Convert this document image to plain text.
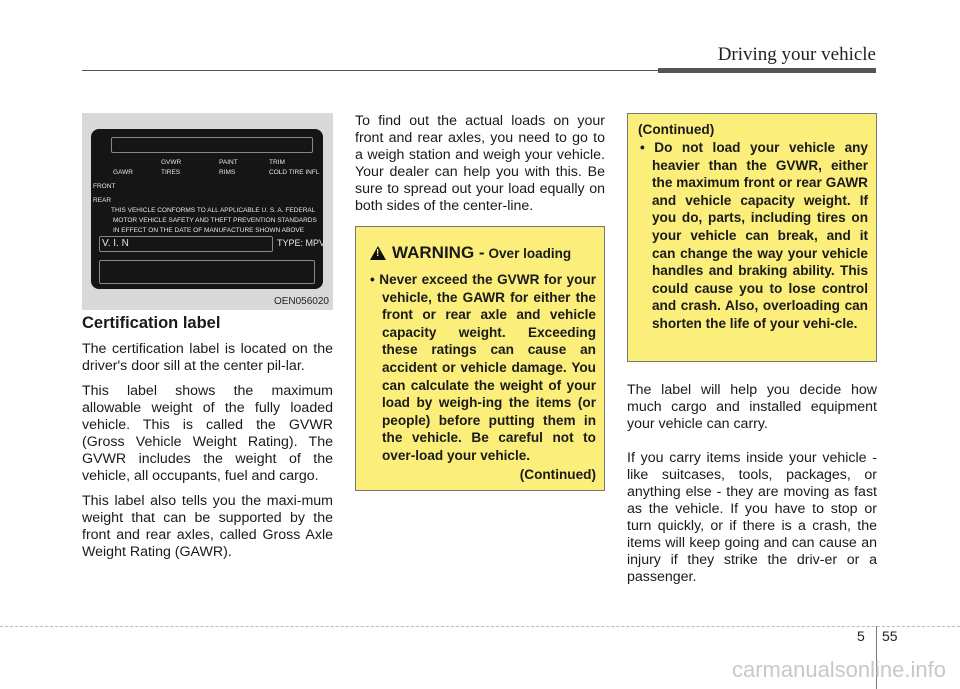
Driving your vehicle
GVWR	PAINT	TRIM
GAWR	TIRES	RIMS	COLD TIRE INFL
FRONT
REAR
THIS VEHICLE CONFORMS TO ALL APPLICABLE U. S. A. FEDERAL
MOTOR VEHICLE SAFETY AND THEFT PREVENTION STANDARDS
IN EFFECT ON THE DATE OF MANUFACTURE SHOWN ABOVE
V. I. N	TYPE: MPV
OEN056020
Certification label

The certification label is located on the driver's door sill at the center pil-lar.

This label shows the maximum allowable weight of the fully loaded vehicle. This is called the GVWR (Gross Vehicle Weight Rating). The GVWR includes the weight of the vehicle, all occupants, fuel and cargo.

This label also tells you the maxi-mum weight that can be supported by the front and rear axles, called Gross Axle Weight Rating (GAWR).

To find out the actual loads on your front and rear axles, you need to go to a weigh station and weigh your vehicle. Your dealer can help you with this. Be sure to spread out your load equally on both sides of the center-line.

!
WARNING - Over loading
• Never exceed the GVWR for your vehicle, the GAWR for either the front or rear axle and vehicle capacity weight. Exceeding these ratings can cause an accident or vehicle damage. You can calculate the weight of your load by weigh-ing the items (or people) before putting them in the vehicle. Be careful not to over-load your vehicle.
(Continued)
(Continued)
• Do not load your vehicle any heavier than the GVWR, either the maximum front or rear GAWR and vehicle capacity weight. If you do, parts, including tires on your vehicle can break, and it can change the way your vehicle handles and braking ability. This could cause you to lose control and crash. Also, overloading can shorten the life of your vehi-cle.

The label will help you decide how much cargo and installed equipment your vehicle can carry.

If you carry items inside your vehicle - like suitcases, tools, packages, or anything else - they are moving as fast as the vehicle. If you have to stop or turn quickly, or if there is a crash, the items will keep going and can cause an injury if they strike the driv-er or a passenger.

5 55
carmanualsonline.info
